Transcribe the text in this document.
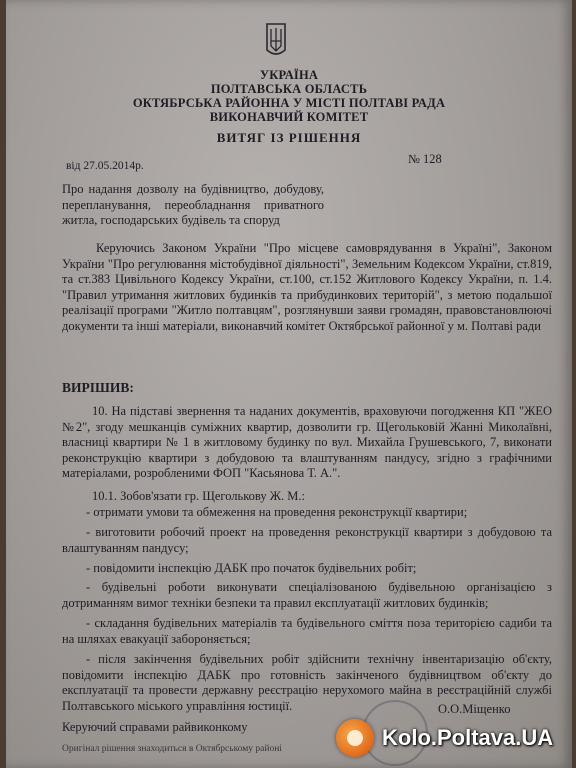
УКРАЇНА
ПОЛТАВСЬКА ОБЛАСТЬ
ОКТЯБРСЬКА РАЙОННА У МІСТІ ПОЛТАВІ РАДА
ВИКОНАВЧИЙ КОМІТЕТ
ВИТЯГ ІЗ РІШЕННЯ
від 27.05.2014р.	№ 128
Про надання дозволу на будівництво, добудову, перепланування, переобладнання приватного житла, господарських будівель та споруд
Керуючись Законом України "Про місцеве самоврядування в Україні", Законом України "Про регулювання містобудівної діяльності", Земельним Кодексом України, ст.819, та ст.383 Цивільного Кодексу України, ст.100, ст.152 Житлового Кодексу України, п. 1.4. "Правил утримання житлових будинків та прибудинкових територій", з метою подальшої реалізації програми "Житло полтавцям", розглянувши заяви громадян, правовстановлюючі документи та інші матеріали, виконавчий комітет Октябрської районної у м. Полтаві ради
ВИРІШИВ:
10. На підставі звернення та наданих документів, враховуючи погодження КП "ЖЕО №2", згоду мешканців суміжних квартир, дозволити гр. Щегольковій Жанні Миколаївні, власниці квартири № 1 в житловому будинку по вул. Михайла Грушевського, 7, виконати реконструкцію квартири з добудовою та влаштуванням пандусу, згідно з графічними матеріалами, розробленими ФОП "Касьянова Т. А.".
10.1. Зобов'язати гр. Щеголькову Ж. М.:
- отримати умови та обмеження на проведення реконструкції квартири;
- виготовити робочий проект на проведення реконструкції квартири з добудовою та влаштуванням пандусу;
- повідомити інспекцію ДАБК про початок будівельних робіт;
- будівельні роботи виконувати спеціалізованою будівельною організацією з дотриманням вимог техніки безпеки та правил експлуатації житлових будинків;
- складання будівельних матеріалів та будівельного сміття поза територією садиби та на шляхах евакуації забороняється;
- після закінчення будівельних робіт здійснити технічну інвентаризацію об'єкту, повідомити інспекцію ДАБК про готовність закінченого будівництвом об'єкту до експлуатації та провести державну реєстрацію нерухомого майна в реєстраційній службі Полтавського міського управління юстиції.
Керуючий справами райвиконкому
О.О.Міщенко
Оригінал рішення знаходиться в Октябрському районі	Kolo.Poltava.UA
